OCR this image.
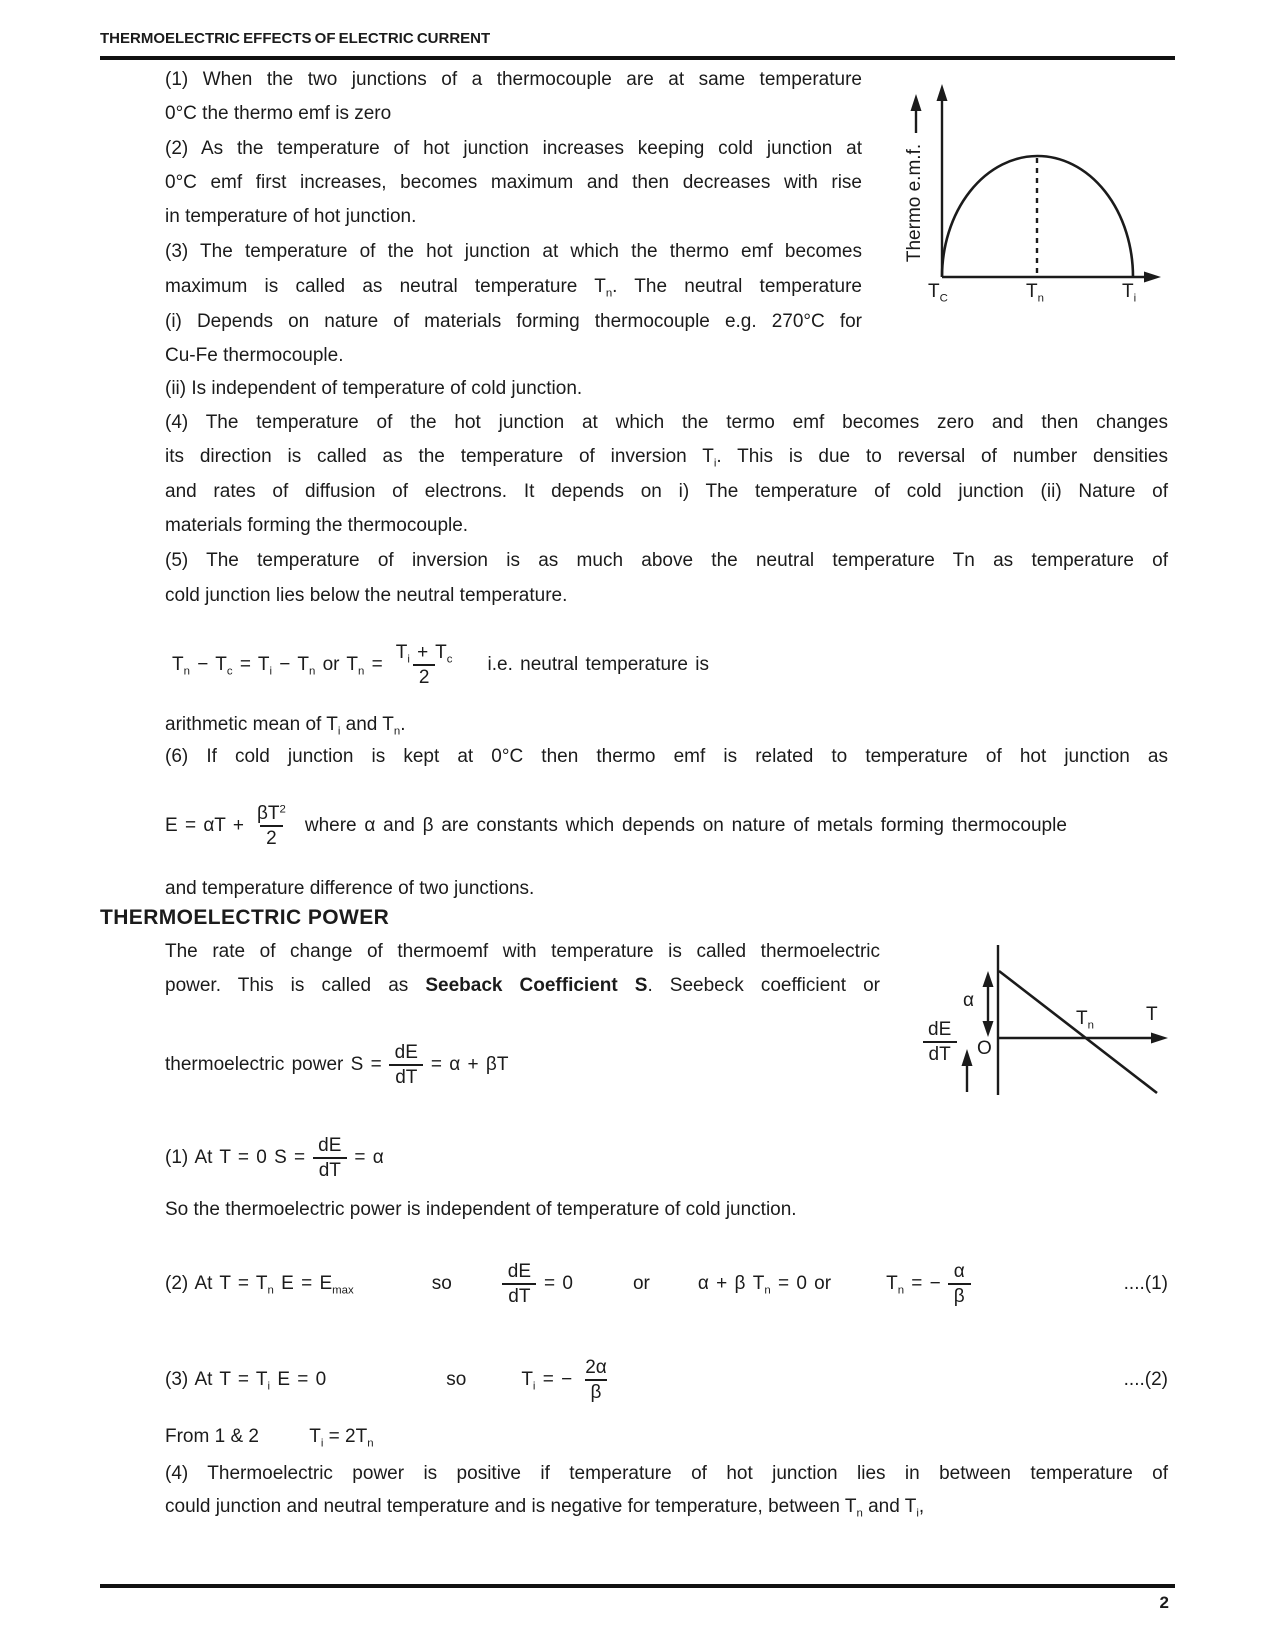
THERMOELECTRIC EFFECTS OF ELECTRIC CURRENT
(1) When the two junctions of a thermocouple are at same temperature
0°C the thermo emf is zero
(2) As the temperature of hot junction increases keeping cold junction at
0°C emf first increases, becomes maximum and then decreases with rise
in temperature of hot junction.
(3) The temperature of the hot junction at which the thermo emf becomes
maximum is called as neutral temperature $T_n$. The neutral temperature
(i) Depends on nature of materials forming thermocouple e.g. 270°C for
Cu-Fe thermocouple.
Thermo e.m.f.
$T_C$	$T_n$	$T_i$
(ii) Is independent of temperature of cold junction.
(4) The temperature of the hot junction at which the termo emf becomes zero and then changes
its direction is called as the temperature of inversion $T_i$. This is due to reversal of number densities
and rates of diffusion of electrons. It depends on i) The temperature of cold junction (ii) Nature of
materials forming the thermocouple.
(5) The temperature of inversion is as much above the neutral temperature Tn as temperature of
cold junction lies below the neutral temperature.
$T_n - T_c = T_i - T_n$ or $T_n = \frac{T_i + T_c}{2} i.e$. neutral temperature is
arithmetic mean of $T_i$ and $T_n$.
(6) If cold junction is kept at 0°C then thermo emf is related to temperature of hot junction as
$E = \alpha T + \frac{\beta T^2}{2}$ where α and β are constants which depends on nature of metals forming thermocouple
and temperature difference of two junctions.
THERMOELECTRIC POWER
The rate of change of thermoemf with temperature is called thermoelectric
power. This is called as Seeback Coefficient S. Seebeck coefficient or
$\frac{dE}{dT}$
α
O
$T_n$
T
thermoelectric power $S = \frac{dE}{dT} = \alpha + \beta T$
(1) At T = 0 $S = \frac{dE}{dT} = \alpha$
So the thermoelectric power is independent of temperature of cold junction.
(2) At $T = T_n$ $E = E_{max}$	so	$\frac{dE}{dT} = 0$	or	α + β $T_n = 0$ or	$T_n$ = − $\frac{\alpha}{\beta}$	....(1)
(3) At $T = T_i$ E = 0	so	$T_i$ = − $\frac{2\alpha}{\beta}$	....(2)
From 1 & 2	$T_i = 2T_n$
(4) Thermoelectric power is positive if temperature of hot junction lies in between temperature of
could junction and neutral temperature and is negative for temperature, between $T_n$ and $T_i$,
2
